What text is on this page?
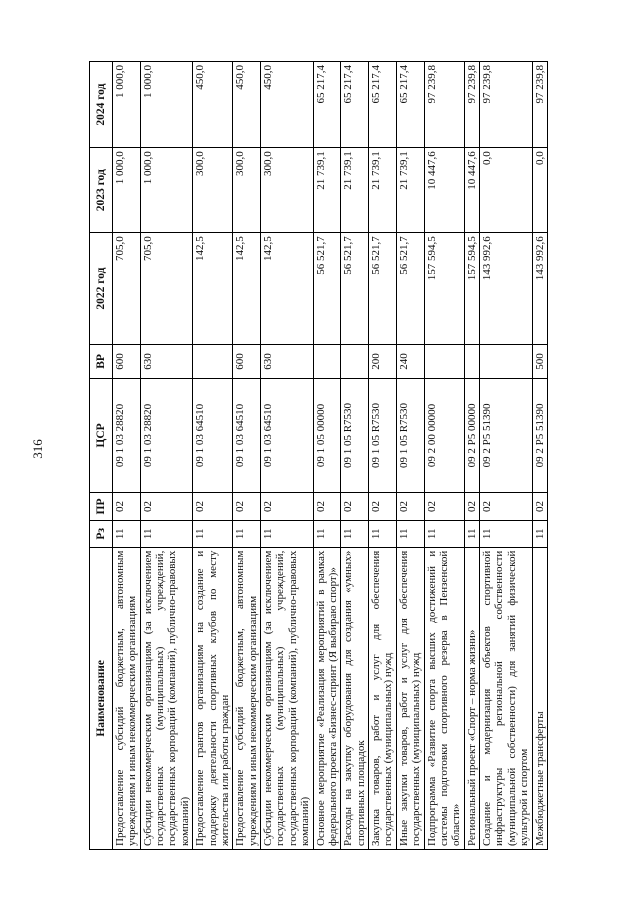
316
Наименование	Рз	ПР	ЦСР	ВР	2022 год	2023 год	2024 год
Предоставление субсидий бюджетным, автономным учреждениям и иным некоммерческим организациям	11	02	09 1 03 28820	600	705,0	1 000,0	1 000,0
Субсидии некоммерческим организациям (за исключением государственных (муниципальных) учреждений, государственных корпораций (компаний), публично-правовых компаний)	11	02	09 1 03 28820	630	705,0	1 000,0	1 000,0
Предоставление грантов организациям на создание и поддержку деятельности спортивных клубов по месту жительства или работы граждан	11	02	09 1 03 64510		142,5	300,0	450,0
Предоставление субсидий бюджетным, автономным учреждениям и иным некоммерческим организациям	11	02	09 1 03 64510	600	142,5	300,0	450,0
Субсидии некоммерческим организациям (за исключением государственных (муниципальных) учреждений, государственных корпораций (компаний), публично-правовых компаний)	11	02	09 1 03 64510	630	142,5	300,0	450,0
Основное мероприятие «Реализация мероприятий в рамках федерального проекта «Бизнес-спринт (Я выбираю спорт)»	11	02	09 1 05 00000		56 521,7	21 739,1	65 217,4
Расходы на закупку оборудования для создания «умных» спортивных площадок	11	02	09 1 05 R7530		56 521,7	21 739,1	65 217,4
Закупка товаров, работ и услуг для обеспечения государственных (муниципальных) нужд	11	02	09 1 05 R7530	200	56 521,7	21 739,1	65 217,4
Иные закупки товаров, работ и услуг для обеспечения государственных (муниципальных) нужд	11	02	09 1 05 R7530	240	56 521,7	21 739,1	65 217,4
Подпрограмма «Развитие спорта высших достижений и системы подготовки спортивного резерва в Пензенской области»	11	02	09 2 00 00000		157 594,5	10 447,6	97 239,8
Региональный проект «Спорт – норма жизни»	11	02	09 2 P5 00000		157 594,5	10 447,6	97 239,8
Создание и модернизация объектов спортивной инфраструктуры региональной собственности (муниципальной собственности) для занятий физической культурой и спортом	11	02	09 2 P5 51390		143 992,6	0,0	97 239,8
Межбюджетные трансферты	11	02	09 2 P5 51390	500	143 992,6	0,0	97 239,8
